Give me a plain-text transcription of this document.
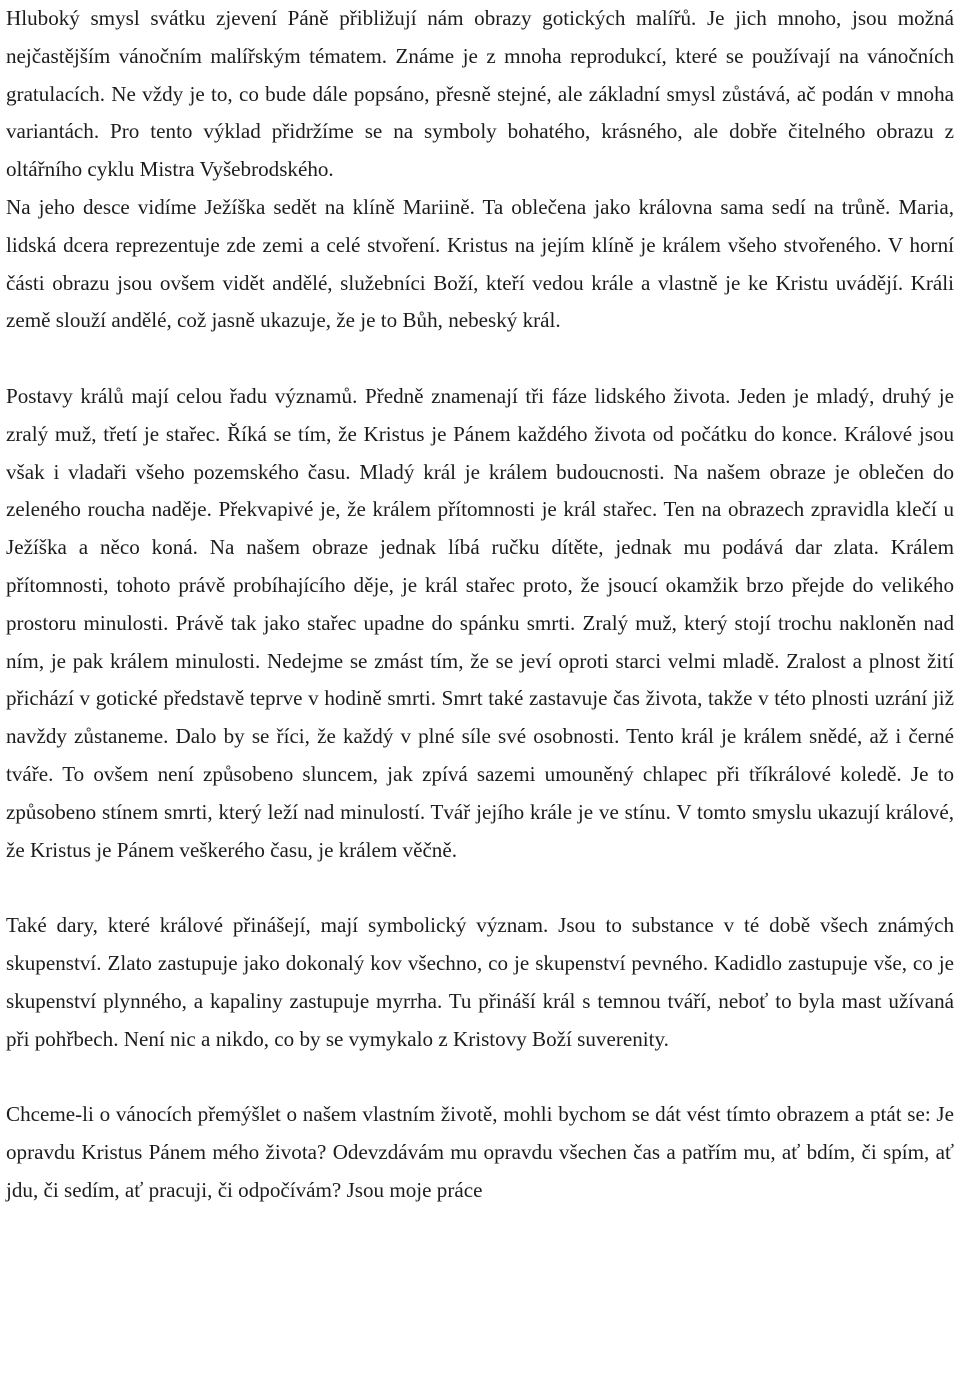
Hluboký smysl svátku zjevení Páně přibližují nám obrazy gotických malířů. Je jich mnoho, jsou možná nejčastějším vánočním malířským tématem. Známe je z mnoha reprodukcí, které se používají na vánočních gratulacích. Ne vždy je to, co bude dále popsáno, přesně stejné, ale základní smysl zůstává, ač podán v mnoha variantách. Pro tento výklad přidržíme se na symboly bohatého, krásného, ale dobře čitelného obrazu z oltářního cyklu Mistra Vyšebrodského.

Na jeho desce vidíme Ježíška sedět na klíně Mariině. Ta oblečena jako královna sama sedí na trůně. Maria, lidská dcera reprezentuje zde zemi a celé stvoření. Kristus na jejím klíně je králem všeho stvořeného. V horní části obrazu jsou ovšem vidět andělé, služebníci Boží, kteří vedou krále a vlastně je ke Kristu uvádějí. Králi země slouží andělé, což jasně ukazuje, že je to Bůh, nebeský král.

Postavy králů mají celou řadu významů. Předně znamenají tři fáze lidského života. Jeden je mladý, druhý je zralý muž, třetí je stařec. Říká se tím, že Kristus je Pánem každého života od počátku do konce. Králové jsou však i vladaři všeho pozemského času. Mladý král je králem budoucnosti. Na našem obraze je oblečen do zeleného roucha naděje. Překvapivé je, že králem přítomnosti je král stařec. Ten na obrazech zpravidla klečí u Ježíška a něco koná. Na našem obraze jednak líbá ručku dítěte, jednak mu podává dar zlata. Králem přítomnosti, tohoto právě probíhajícího děje, je král stařec proto, že jsoucí okamžik brzo přejde do velikého prostoru minulosti. Právě tak jako stařec upadne do spánku smrti. Zralý muž, který stojí trochu nakloněn nad ním, je pak králem minulosti. Nedejme se zmást tím, že se jeví oproti starci velmi mladě. Zralost a plnost žití přichází v gotické představě teprve v hodině smrti. Smrt také zastavuje čas života, takže v této plnosti uzrání již navždy zůstaneme. Dalo by se říci, že každý v plné síle své osobnosti. Tento král je králem snědé, až i černé tváře. To ovšem není způsobeno sluncem, jak zpívá sazemi umouněný chlapec při tříkrálové koledě. Je to způsobeno stínem smrti, který leží nad minulostí. Tvář jejího krále je ve stínu. V tomto smyslu ukazují králové, že Kristus je Pánem veškerého času, je králem věčně.

Také dary, které králové přinášejí, mají symbolický význam. Jsou to substance v té době všech známých skupenství. Zlato zastupuje jako dokonalý kov všechno, co je skupenství pevného. Kadidlo zastupuje vše, co je skupenství plynného, a kapaliny zastupuje myrrha. Tu přináší král s temnou tváří, neboť to byla mast užívaná při pohřbech. Není nic a nikdo, co by se vymykalo z Kristovy Boží suverenity.

Chceme-li o vánocích přemýšlet o našem vlastním životě, mohli bychom se dát vést tímto obrazem a ptát se: Je opravdu Kristus Pánem mého života? Odevzdávám mu opravdu všechen čas a patřím mu, ať bdím, či spím, ať jdu, či sedím, ať pracuji, či odpočívám? Jsou moje práce
